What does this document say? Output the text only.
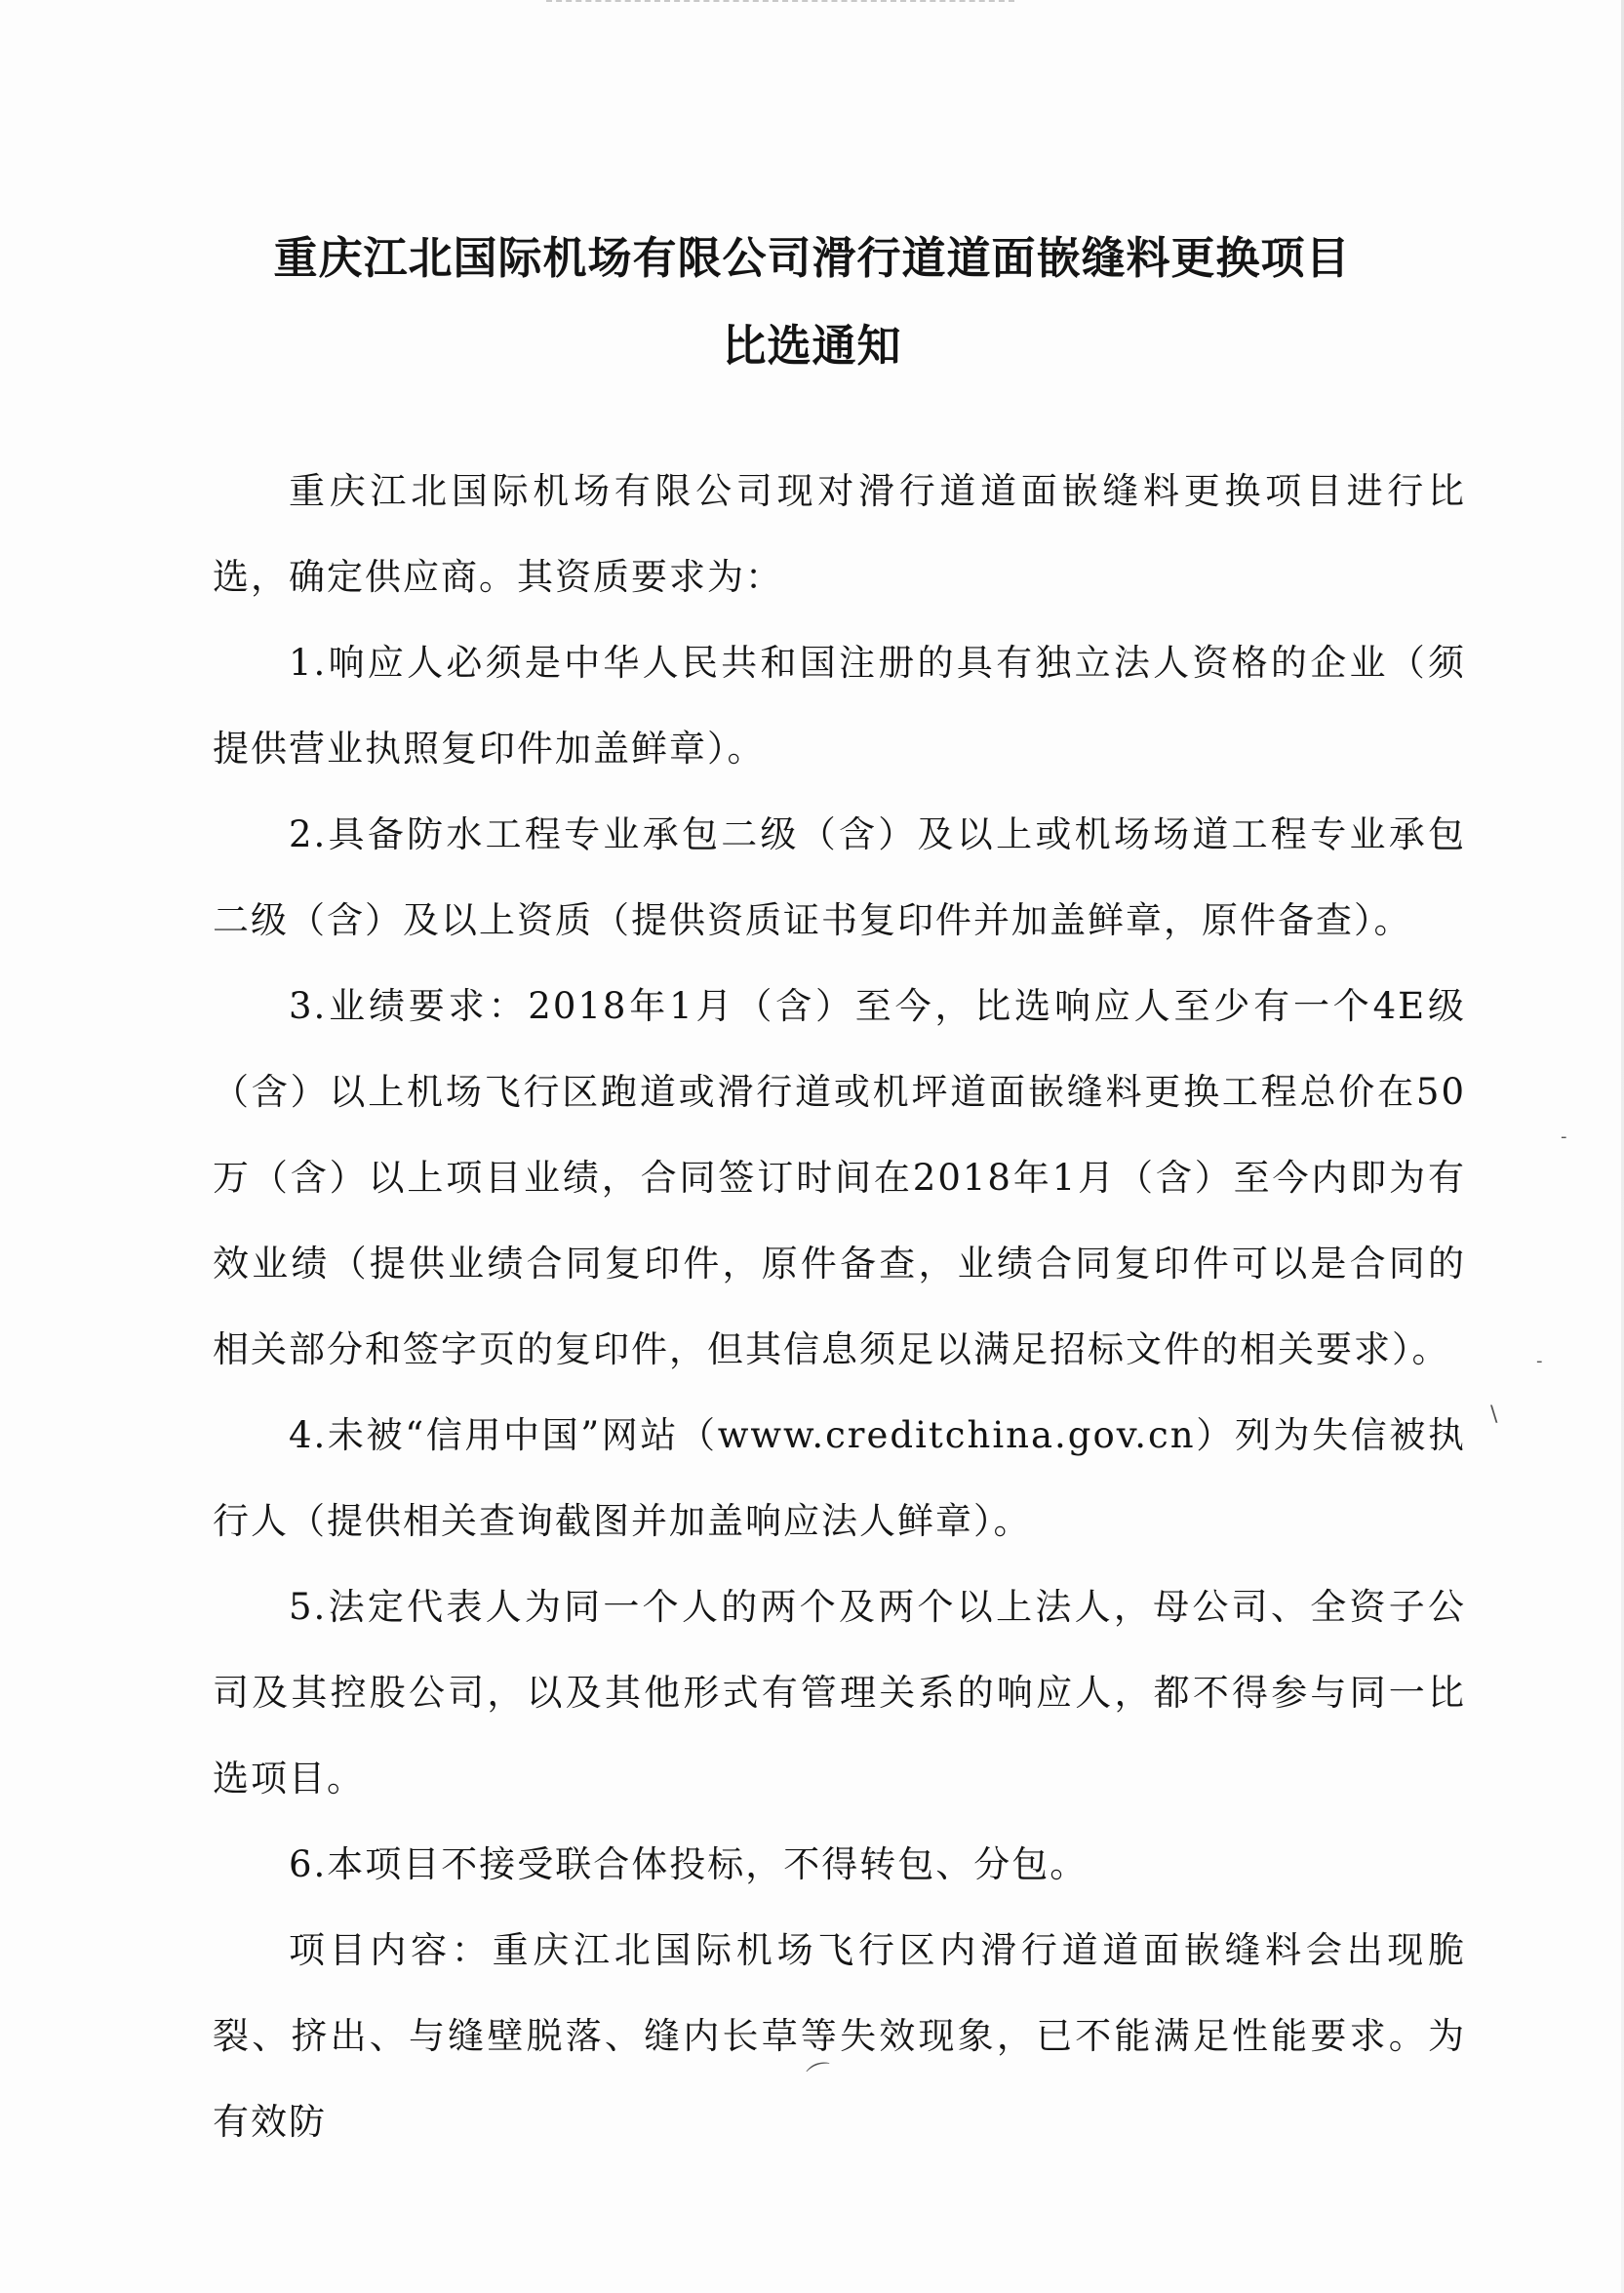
重庆江北国际机场有限公司滑行道道面嵌缝料更换项目
比选通知

重庆江北国际机场有限公司现对滑行道道面嵌缝料更换项目进行比选，确定供应商。其资质要求为：

1.响应人必须是中华人民共和国注册的具有独立法人资格的企业（须提供营业执照复印件加盖鲜章）。

2.具备防水工程专业承包二级（含）及以上或机场场道工程专业承包二级（含）及以上资质（提供资质证书复印件并加盖鲜章，原件备查）。

3.业绩要求：2018年1月（含）至今，比选响应人至少有一个4E级（含）以上机场飞行区跑道或滑行道或机坪道面嵌缝料更换工程总价在50万（含）以上项目业绩，合同签订时间在2018年1月（含）至今内即为有效业绩（提供业绩合同复印件，原件备查，业绩合同复印件可以是合同的相关部分和签字页的复印件，但其信息须足以满足招标文件的相关要求）。

4.未被“信用中国”网站（www.creditchina.gov.cn）列为失信被执行人（提供相关查询截图并加盖响应法人鲜章）。

5.法定代表人为同一个人的两个及两个以上法人，母公司、全资子公司及其控股公司，以及其他形式有管理关系的响应人，都不得参与同一比选项目。

6.本项目不接受联合体投标，不得转包、分包。

项目内容：重庆江北国际机场飞行区内滑行道道面嵌缝料会出现脆裂、挤出、与缝壁脱落、缝内长草等失效现象，已不能满足性能要求。为有效防

\
-
-
⌒
